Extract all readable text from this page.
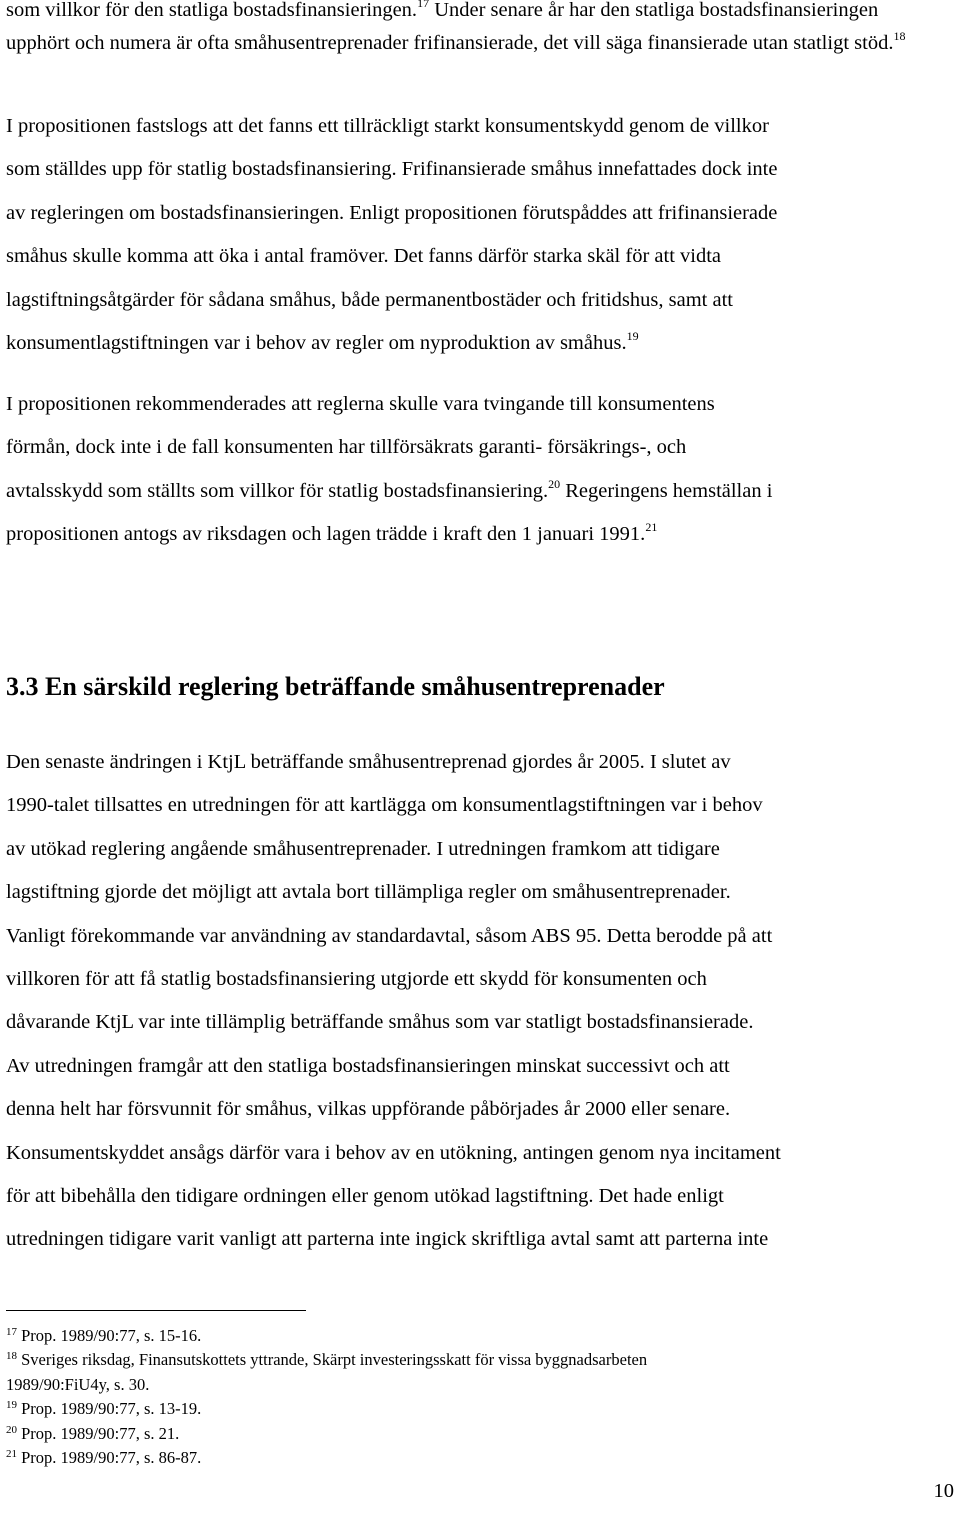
som villkor för den statliga bostadsfinansieringen.$^{17}$ Under senare år har den statliga bostadsfinansieringen
upphört och numera är ofta småhusentreprenader frifinansierade, det vill säga finansierade utan statligt stöd.$^{18}$

I propositionen fastslogs att det fanns ett tillräckligt starkt konsumentskydd genom de villkor
som ställdes upp för statlig bostadsfinansiering. Frifinansierade småhus innefattades dock inte
av regleringen om bostadsfinansieringen. Enligt propositionen förutspåddes att frifinansierade
småhus skulle komma att öka i antal framöver. Det fanns därför starka skäl för att vidta
lagstiftningsåtgärder för sådana småhus, både permanentbostäder och fritidshus, samt att
konsumentlagstiftningen var i behov av regler om nyproduktion av småhus.$^{19}$

I propositionen rekommenderades att reglerna skulle vara tvingande till konsumentens
förmån, dock inte i de fall konsumenten har tillförsäkrats garanti- försäkrings-, och
avtalsskydd som ställts som villkor för statlig bostadsfinansiering.$^{20}$ Regeringens hemställan i
propositionen antogs av riksdagen och lagen trädde i kraft den 1 januari 1991.21

3.3 En särskild reglering beträffande småhusentreprenader

Den senaste ändringen i KtjL beträffande småhusentreprenad gjordes år 2005. I slutet av
1990-talet tillsattes en utredningen för att kartlägga om konsumentlagstiftningen var i behov
av utökad reglering angående småhusentreprenader. I utredningen framkom att tidigare
lagstiftning gjorde det möjligt att avtala bort tillämpliga regler om småhusentreprenader.
Vanligt förekommande var användning av standardavtal, såsom ABS 95. Detta berodde på att
villkoren för att få statlig bostadsfinansiering utgjorde ett skydd för konsumenten och
dåvarande KtjL var inte tillämplig beträffande småhus som var statligt bostadsfinansierade.
Av utredningen framgår att den statliga bostadsfinansieringen minskat successivt och att
denna helt har försvunnit för småhus, vilkas uppförande påbörjades år 2000 eller senare.
Konsumentskyddet ansågs därför vara i behov av en utökning, antingen genom nya incitament
för att bibehålla den tidigare ordningen eller genom utökad lagstiftning. Det hade enligt
utredningen tidigare varit vanligt att parterna inte ingick skriftliga avtal samt att parterna inte

$^{17}$ Prop. 1989/90:77, s. 15-16.
$^{18}$ Sveriges riksdag, Finansutskottets yttrande, Skärpt investeringsskatt för vissa byggnadsarbeten
1989/90:FiU4y, s. 30.
$^{19}$ Prop. 1989/90:77, s. 13-19.
$^{20}$ Prop. 1989/90:77, s. 21.
$^{21}$ Prop. 1989/90:77, s. 86-87.
10
